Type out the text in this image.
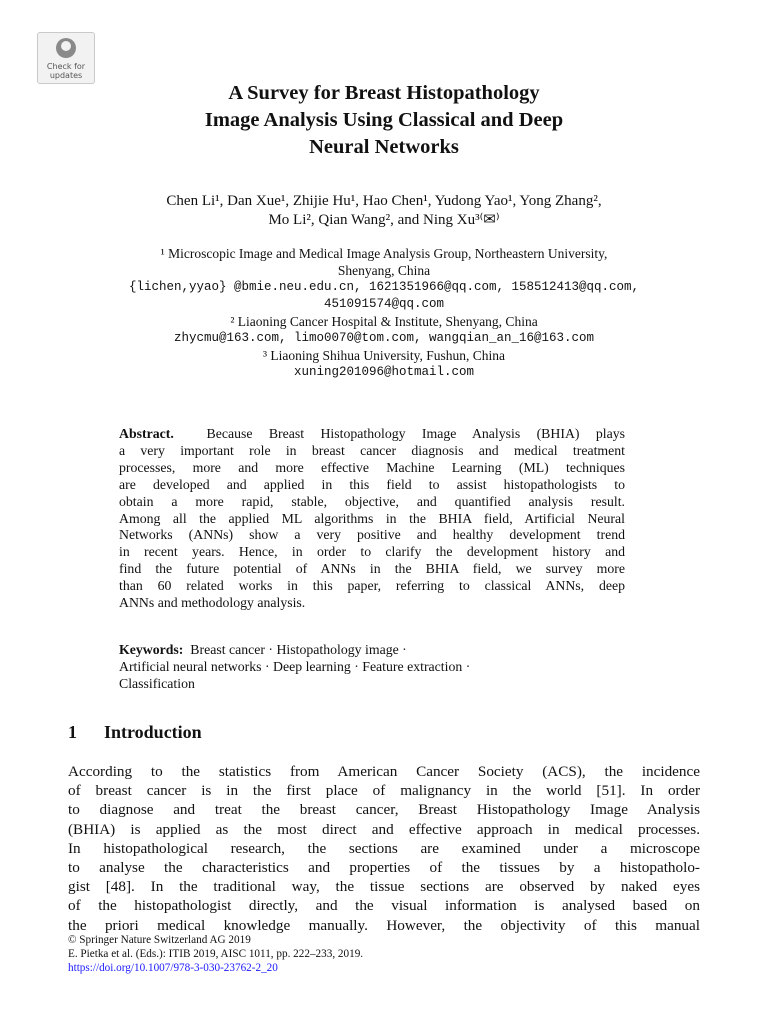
Check for
updates
A Survey for Breast Histopathology
Image Analysis Using Classical and Deep
Neural Networks
Chen Li¹, Dan Xue¹, Zhijie Hu¹, Hao Chen¹, Yudong Yao¹, Yong Zhang²,
Mo Li², Qian Wang², and Ning Xu³⁽✉⁾
¹ Microscopic Image and Medical Image Analysis Group, Northeastern University,
Shenyang, China
{lichen,yyao} @bmie.neu.edu.cn, 1621351966@qq.com, 158512413@qq.com,
451091574@qq.com
² Liaoning Cancer Hospital & Institute, Shenyang, China
zhycmu@163.com, limo0070@tom.com, wangqian_an_16@163.com
³ Liaoning Shihua University, Fushun, China
xuning201096@hotmail.com
Abstract. Because Breast Histopathology Image Analysis (BHIA) plays
a very important role in breast cancer diagnosis and medical treatment
processes, more and more effective Machine Learning (ML) techniques
are developed and applied in this field to assist histopathologists to
obtain a more rapid, stable, objective, and quantified analysis result.
Among all the applied ML algorithms in the BHIA field, Artificial Neural
Networks (ANNs) show a very positive and healthy development trend
in recent years. Hence, in order to clarify the development history and
find the future potential of ANNs in the BHIA field, we survey more
than 60 related works in this paper, referring to classical ANNs, deep
ANNs and methodology analysis.
Keywords: Breast cancer · Histopathology image ·
Artificial neural networks · Deep learning · Feature extraction ·
Classification
1 Introduction
According to the statistics from American Cancer Society (ACS), the incidence
of breast cancer is in the first place of malignancy in the world [51]. In order
to diagnose and treat the breast cancer, Breast Histopathology Image Analysis
(BHIA) is applied as the most direct and effective approach in medical processes.
In histopathological research, the sections are examined under a microscope
to analyse the characteristics and properties of the tissues by a histopatholo-
gist [48]. In the traditional way, the tissue sections are observed by naked eyes
of the histopathologist directly, and the visual information is analysed based on
the priori medical knowledge manually. However, the objectivity of this manual
© Springer Nature Switzerland AG 2019
E. Pietka et al. (Eds.): ITIB 2019, AISC 1011, pp. 222–233, 2019.
https://doi.org/10.1007/978-3-030-23762-2_20
